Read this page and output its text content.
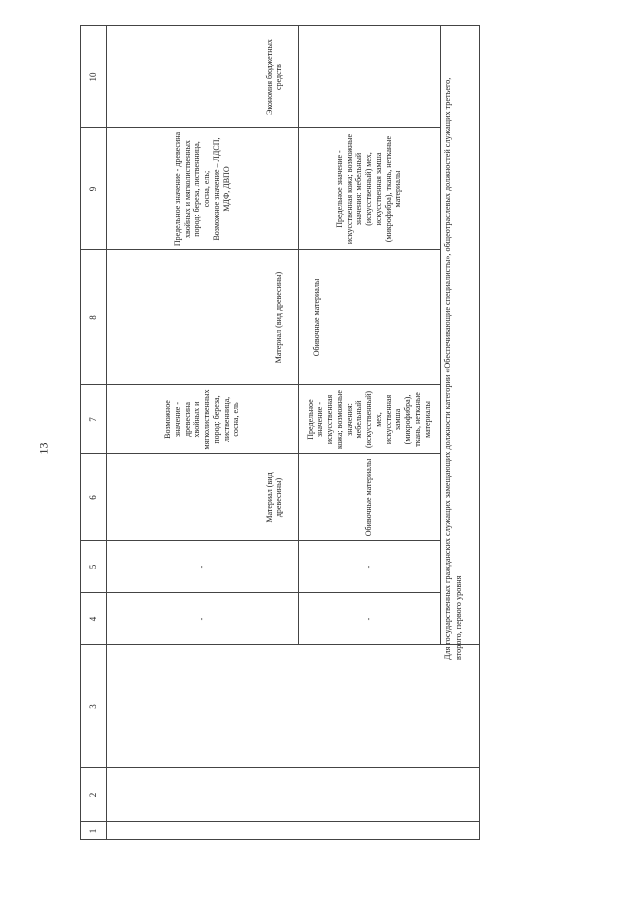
13
1
2
3
4
5
6
7
8
9
10
-
-
Материал (вид древесины)
Возможное значение - древесина хвойных и мягколиственных пород: береза, лиственница, сосна, ель
Материал (вид древесины)
Предельное значение - древесина хвойных и мягколиственных пород: береза, лиственница, сосна, ель;
Возможное значение – ЛДСП, МДФ, ДВПО
Экономия бюджетных средств
-
-
Обивочные материалы
Предельное значение - искусственная кожа; возможные значения: мебельный (искусственный) мех, искусственная замша (микрофибра), ткань, нетканые материалы
Обивочные материалы
Предельное значение - искусственная кожа; возможные значения: мебельный (искусственный) мех, искусственная замша (микрофибра), ткань, нетканые материалы	Для государственных гражданских служащих замещающих должности категории «Обеспечивающие специалисты», общеотраслевых должностей служащих третьего, второго, первого уровня
